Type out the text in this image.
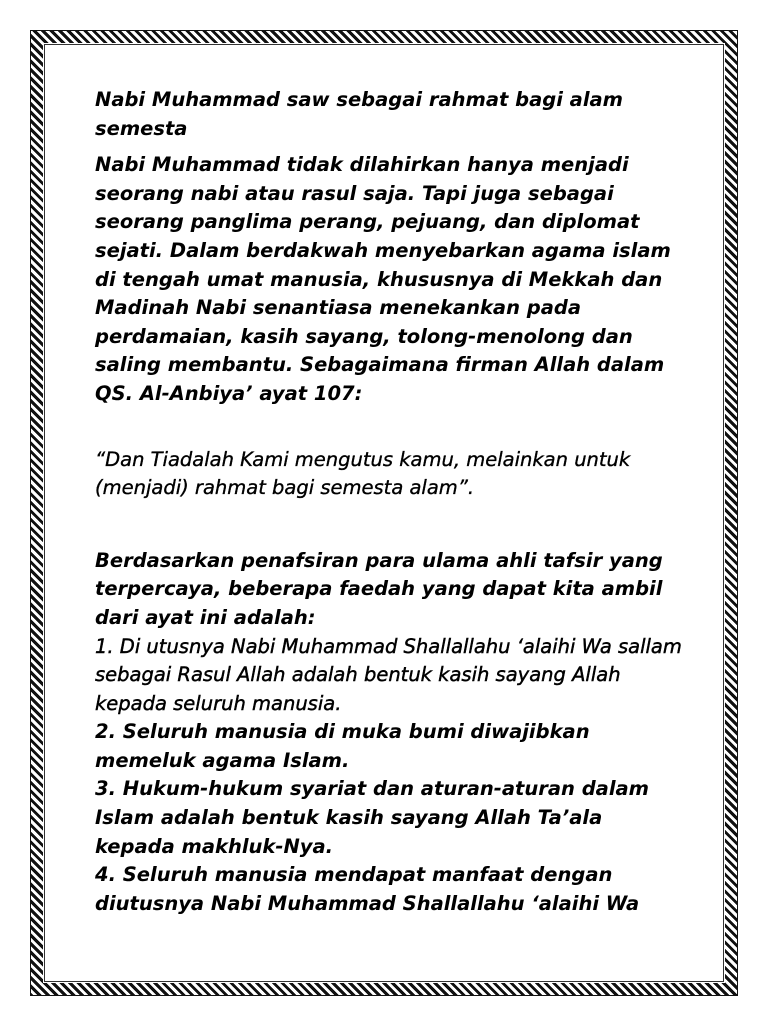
Nabi Muhammad saw sebagai rahmat bagi alam semesta

Nabi Muhammad tidak dilahirkan hanya menjadi seorang nabi atau rasul saja. Tapi juga sebagai seorang panglima perang, pejuang, dan diplomat sejati. Dalam berdakwah menyebarkan agama islam di tengah umat manusia, khususnya di Mekkah dan Madinah Nabi senantiasa menekankan pada perdamaian, kasih sayang, tolong-menolong dan saling membantu. Sebagaimana firman Allah dalam QS. Al-Anbiya’ ayat 107:

“Dan Tiadalah Kami mengutus kamu, melainkan untuk (menjadi) rahmat bagi semesta alam”.

Berdasarkan penafsiran para ulama ahli tafsir yang terpercaya, beberapa faedah yang dapat kita ambil dari ayat ini adalah:

1. Di utusnya Nabi Muhammad Shallallahu ‘alaihi Wa sallam sebagai Rasul Allah adalah bentuk kasih sayang Allah kepada seluruh manusia.

2. Seluruh manusia di muka bumi diwajibkan memeluk agama Islam.

3. Hukum-hukum syariat dan aturan-aturan dalam Islam adalah bentuk kasih sayang Allah Ta’ala kepada makhluk-Nya.

4. Seluruh manusia mendapat manfaat dengan diutusnya Nabi Muhammad Shallallahu ‘alaihi Wa
